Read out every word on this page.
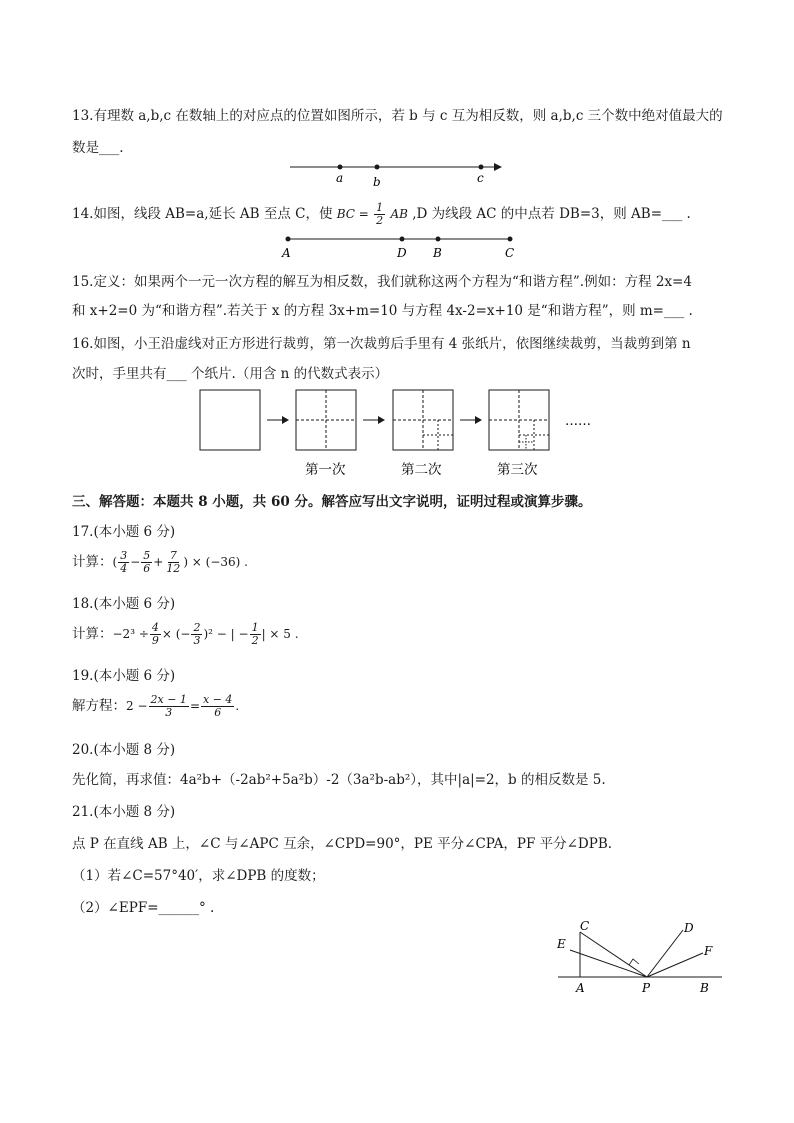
13.有理数 a,b,c 在数轴上的对应点的位置如图所示，若 b 与 c 互为相反数，则 a,b,c 三个数中绝对值最大的
数是___.
a b	c
14.如图，线段 AB=a,延长 AB 至点 C，使 BC = $\frac{1}{2}$ AB ,D 为线段 AC 的中点若 DB=3，则 AB=___ .
A	D B	C
15.定义：如果两个一元一次方程的解互为相反数，我们就称这两个方程为“和谐方程”.例如：方程 2x=4
和 x+2=0 为“和谐方程”.若关于 x 的方程 3x+m=10 与方程 4x-2=x+10 是“和谐方程”，则 m=___ .
16.如图，小王沿虚线对正方形进行裁剪，第一次裁剪后手里有 4 张纸片，依图继续裁剪，当裁剪到第 n
次时，手里共有___ 个纸片.（用含 n 的代数式表示）
……
第一次	第二次	第三次
三、解答题：本题共 8 小题，共 60 分。解答应写出文字说明，证明过程或演算步骤。
17.(本小题 6 分)
计算：( $\frac{3}{4} - \frac{5}{6} + \frac{7}{12}$ ) × (−36) .
18.(本小题 6 分)
计算：$-2^3 \div \frac{4}{9}$ × (− $\frac{2}{3} )^2$ − | − $\frac{1}{2}$ | × 5 .
19.(本小题 6 分)
解方程：$2 - \frac{2x - 1}{3} = \frac{x - 4}{6}$ .
20.(本小题 8 分)
先化简，再求值：4a²b+（-2ab²+5a²b）-2（3a²b-ab²），其中|a|=2，b 的相反数是 5.
21.(本小题 8 分)
点 P 在直线 AB 上，∠C 与∠APC 互余，∠CPD=90°，PE 平分∠CPA，PF 平分∠DPB.
（1）若∠C=57°40′，求∠DPB 的度数；
（2）∠EPF=______° .
C	D
E	F
A	P	B
